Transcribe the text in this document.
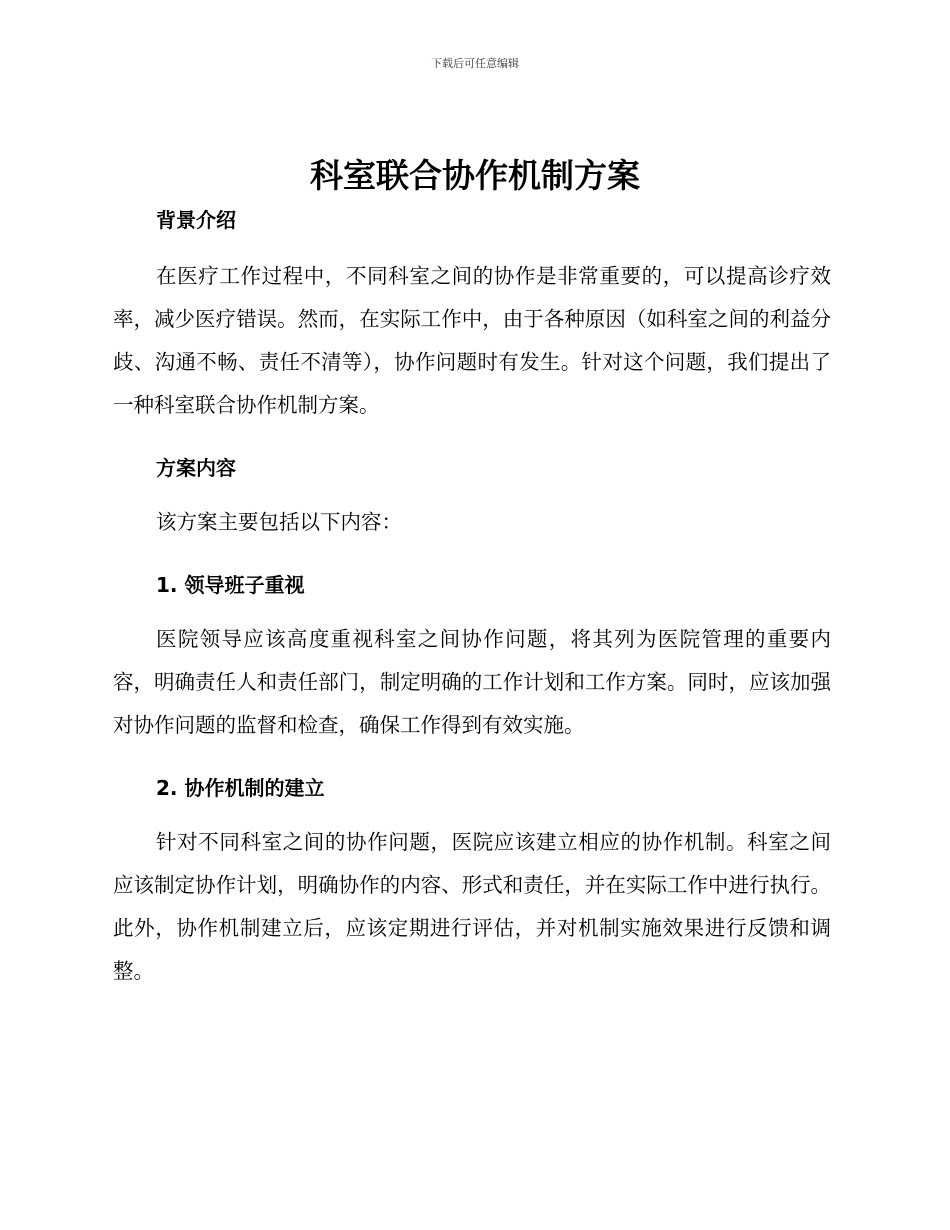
下载后可任意编辑
科室联合协作机制方案
背景介绍

在医疗工作过程中，不同科室之间的协作是非常重要的，可以提高诊疗效率，减少医疗错误。然而，在实际工作中，由于各种原因（如科室之间的利益分歧、沟通不畅、责任不清等），协作问题时有发生。针对这个问题，我们提出了一种科室联合协作机制方案。

方案内容

该方案主要包括以下内容：

1. 领导班子重视

医院领导应该高度重视科室之间协作问题，将其列为医院管理的重要内容，明确责任人和责任部门，制定明确的工作计划和工作方案。同时，应该加强对协作问题的监督和检查，确保工作得到有效实施。

2. 协作机制的建立

针对不同科室之间的协作问题，医院应该建立相应的协作机制。科室之间应该制定协作计划，明确协作的内容、形式和责任，并在实际工作中进行执行。此外，协作机制建立后，应该定期进行评估，并对机制实施效果进行反馈和调整。
